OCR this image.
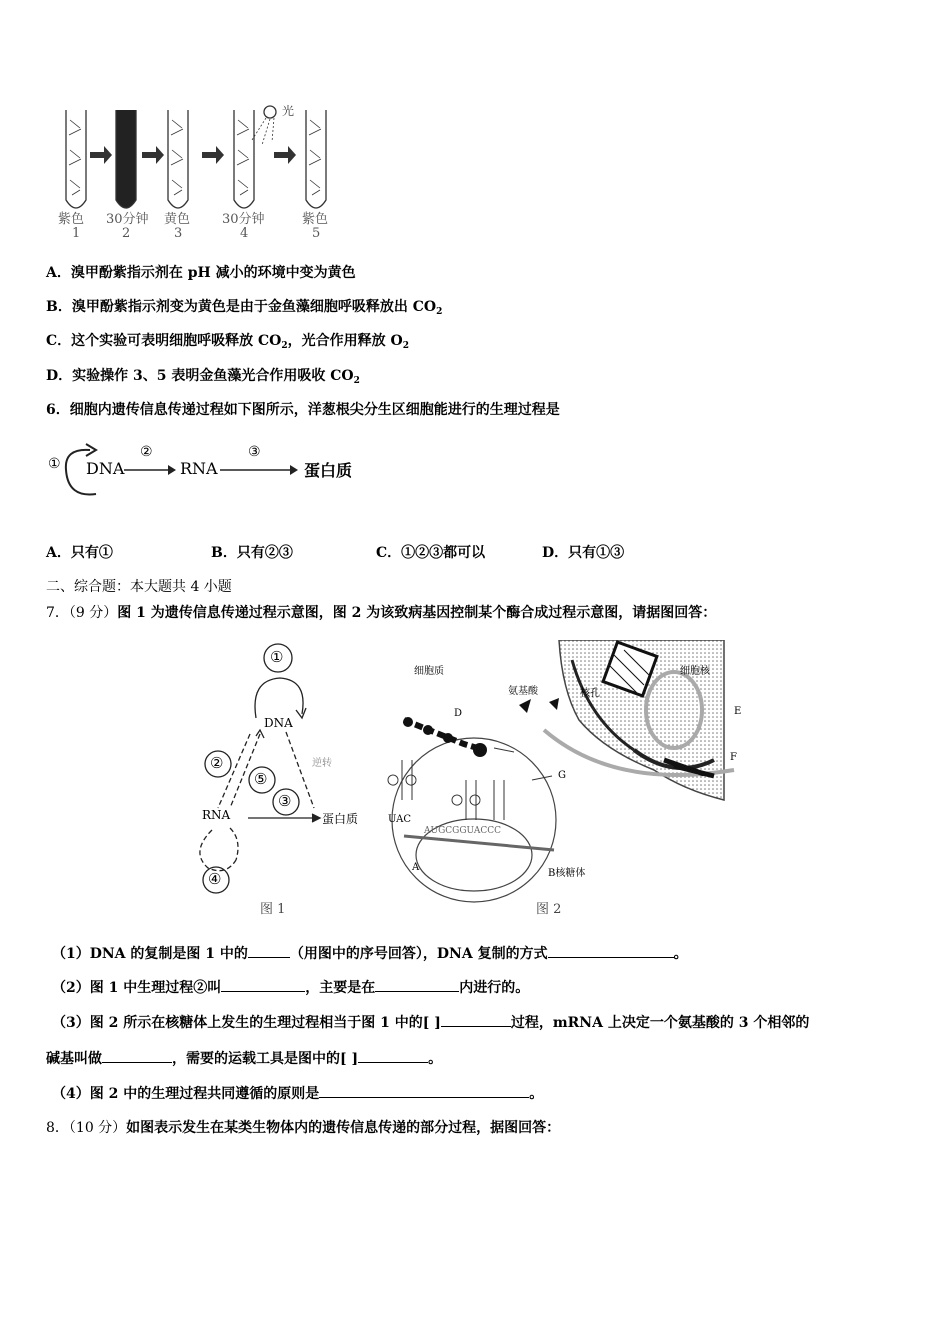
光
紫色 30分钟 黄色 30分钟	紫色
1	2	3	4	5
A．溴甲酚紫指示剂在 pH 减小的环境中变为黄色
B．溴甲酚紫指示剂变为黄色是由于金鱼藻细胞呼吸释放出 $CO_2$
C．这个实验可表明细胞呼吸释放 $CO_2$，光合作用释放 $O_2$
D．实验操作 3、5 表明金鱼藻光合作用吸收 $CO_2$
6．细胞内遗传信息传递过程如下图所示，洋葱根尖分生区细胞能进行的生理过程是
① DNA
②
RNA
③
蛋白质
A．只有①	B．只有②③	C．①②③都可以	D．只有①③
二、综合题：本大题共 4 小题
7．（9 分）图 1 为遗传信息传递过程示意图，图 2 为该致病基因控制某个酶合成过程示意图，请据图回答：
①
DNA
逆转
②
⑤
③
RNA	蛋白质
④
图 1
细胞质
氨基酸
细胞核
核孔
D	E
F
G
UAC
AUGCGGUACCC
A
B核糖体
图 2
（1）DNA 的复制是图 1 中的	（用图中的序号回答），DNA 复制的方式	。
（2）图 1 中生理过程②叫	，主要是在	内进行的。
（3）图 2 所示在核糖体上发生的生理过程相当于图 1 中的[ ]	过程，mRNA 上决定一个氨基酸的 3 个相邻的
碱基叫做	，需要的运载工具是图中的[ ]	。
（4）图 2 中的生理过程共同遵循的原则是	。
8．（10 分）如图表示发生在某类生物体内的遗传信息传递的部分过程，据图回答：
